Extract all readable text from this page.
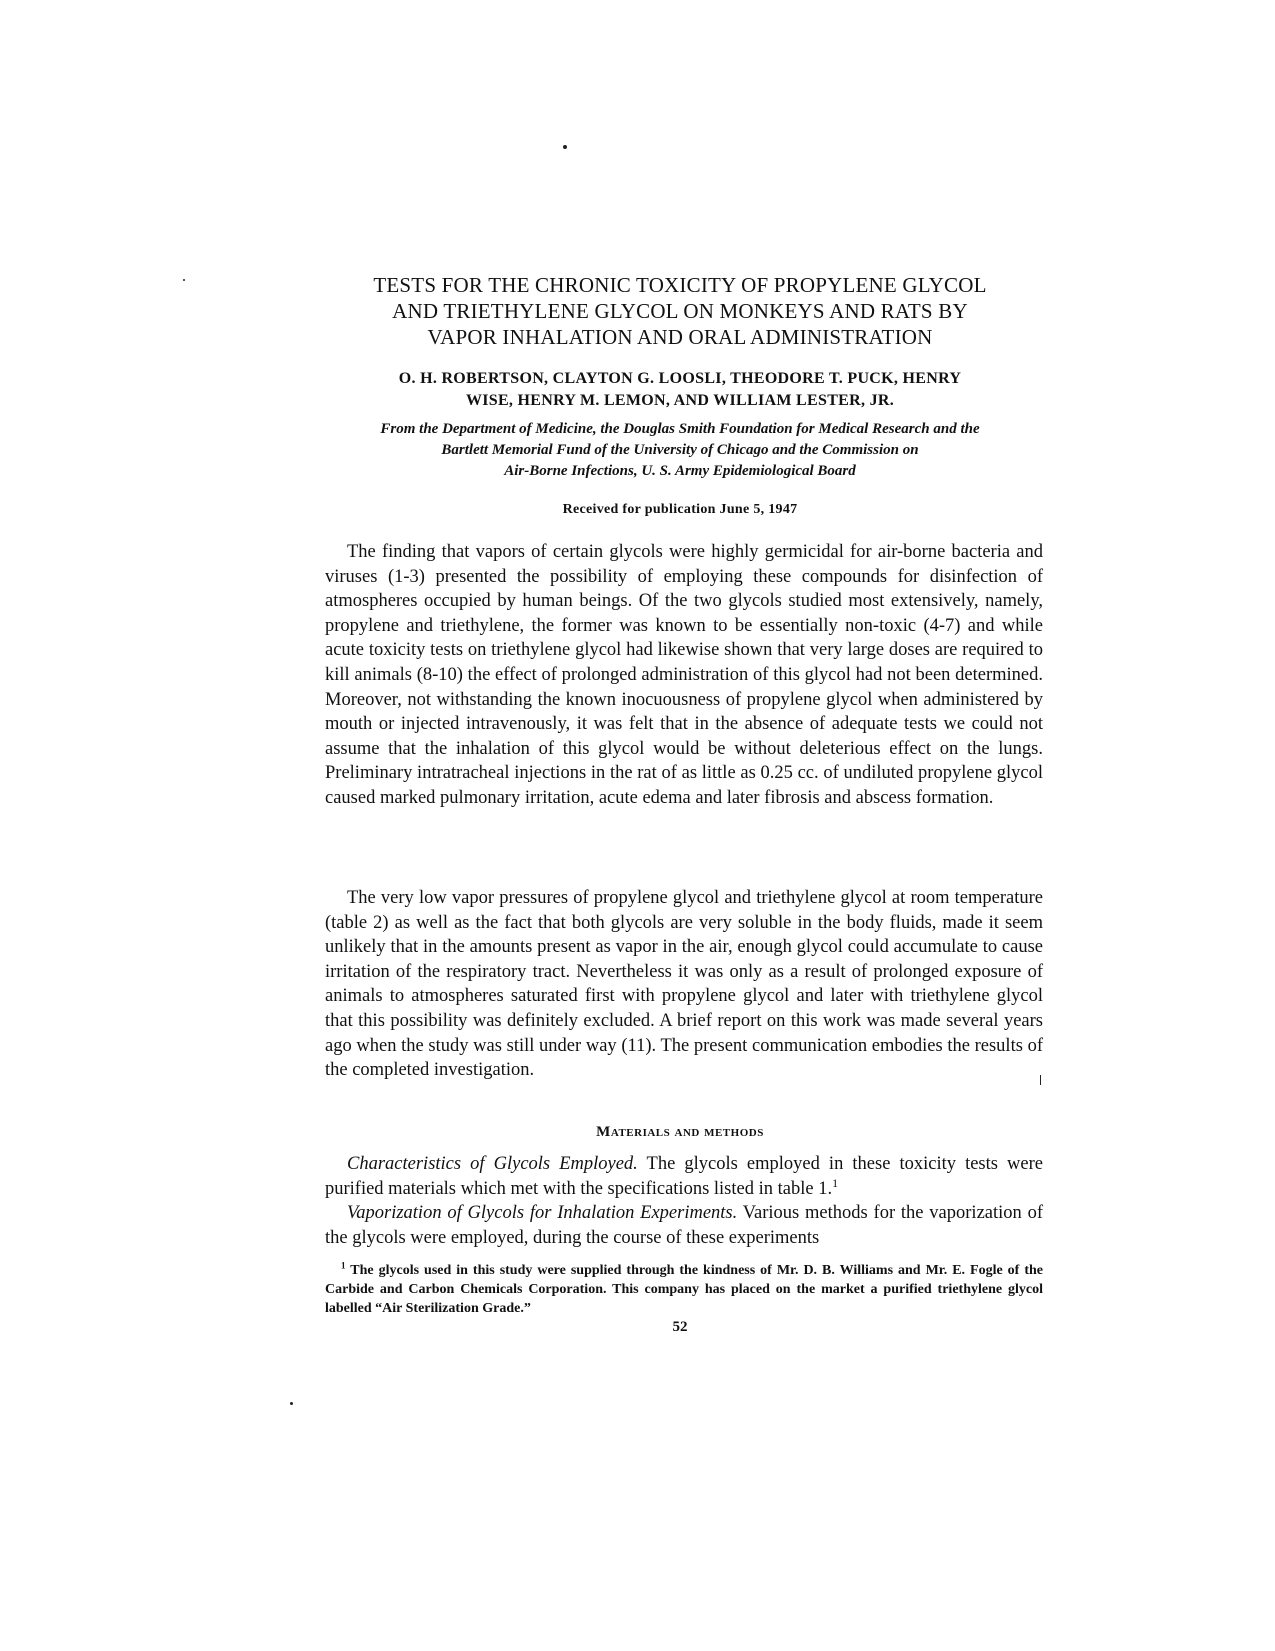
TESTS FOR THE CHRONIC TOXICITY OF PROPYLENE GLYCOL
AND TRIETHYLENE GLYCOL ON MONKEYS AND RATS BY
VAPOR INHALATION AND ORAL ADMINISTRATION
O. H. ROBERTSON, CLAYTON G. LOOSLI, THEODORE T. PUCK, HENRY
WISE, HENRY M. LEMON, AND WILLIAM LESTER, JR.
From the Department of Medicine, the Douglas Smith Foundation for Medical Research and the
Bartlett Memorial Fund of the University of Chicago and the Commission on
Air-Borne Infections, U. S. Army Epidemiological Board
Received for publication June 5, 1947

The finding that vapors of certain glycols were highly germicidal for air-borne bacteria and viruses (1-3) presented the possibility of employing these compounds for disinfection of atmospheres occupied by human beings. Of the two glycols studied most extensively, namely, propylene and triethylene, the former was known to be essentially non-toxic (4-7) and while acute toxicity tests on triethylene glycol had likewise shown that very large doses are required to kill animals (8-10) the effect of prolonged administration of this glycol had not been determined. Moreover, not withstanding the known inocuousness of propylene glycol when administered by mouth or injected intravenously, it was felt that in the absence of adequate tests we could not assume that the inhalation of this glycol would be without deleterious effect on the lungs. Preliminary intratracheal injections in the rat of as little as 0.25 cc. of undiluted propylene glycol caused marked pulmonary irritation, acute edema and later fibrosis and abscess formation.

The very low vapor pressures of propylene glycol and triethylene glycol at room temperature (table 2) as well as the fact that both glycols are very soluble in the body fluids, made it seem unlikely that in the amounts present as vapor in the air, enough glycol could accumulate to cause irritation of the respiratory tract. Nevertheless it was only as a result of prolonged exposure of animals to atmospheres saturated first with propylene glycol and later with triethylene glycol that this possibility was definitely excluded. A brief report on this work was made several years ago when the study was still under way (11). The present communication embodies the results of the completed investigation.

Materials and methods

Characteristics of Glycols Employed. The glycols employed in these toxicity tests were purified materials which met with the specifications listed in table 1.$^1$

Vaporization of Glycols for Inhalation Experiments. Various methods for the vaporization of the glycols were employed, during the course of these experiments

$^1$ The glycols used in this study were supplied through the kindness of Mr. D. B. Williams and Mr. E. Fogle of the Carbide and Carbon Chemicals Corporation. This company has placed on the market a purified triethylene glycol labelled “Air Sterilization Grade.”
52
